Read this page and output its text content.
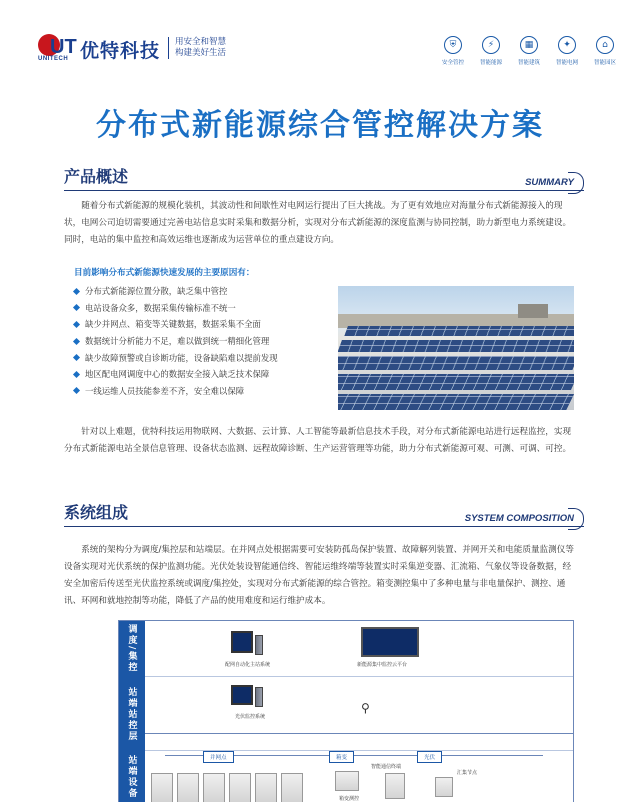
UT
UNITECH 优特科技 用安全和智慧
构建美好生活
⛨
安全管控
⚡
智能能源
▦
智能建筑
✦
智能电网
⌂
智能园区
分布式新能源综合管控解决方案
产品概述	SUMMARY
随着分布式新能源的规模化装机，其波动性和间歇性对电网运行提出了巨大挑战。为了更有效地应对海量分布式新能源接入的现状，电网公司迫切需要通过完善电站信息实时采集和数据分析，实现对分布式新能源的深度监测与协同控制，助力新型电力系统建设。同时，电站的集中监控和高效运维也逐渐成为运营单位的重点建设方向。
目前影响分布式新能源快速发展的主要原因有：
分布式新能源位置分散，缺乏集中管控
电站设备众多，数据采集传输标准不统一
缺少并网点、箱变等关键数据，数据采集不全面
数据统计分析能力不足，难以做到统一精细化管理
缺少故障预警或自诊断功能，设备缺陷难以提前发现
地区配电网调度中心的数据安全接入缺乏技术保障
一线运维人员技能参差不齐，安全难以保障
针对以上难题，优特科技运用物联网、大数据、云计算、人工智能等最新信息技术手段，对分布式新能源电站进行远程监控，实现分布式新能源电站全景信息管理、设备状态监测、远程故障诊断、生产运营管理等功能，助力分布式新能源可观、可测、可调、可控。
系统组成	SYSTEM COMPOSITION
系统的架构分为调度/集控层和站端层。在并网点处根据需要可安装防孤岛保护装置、故障解列装置、并网开关和电能质量监测仪等设备实现对光伏系统的保护监测功能。光伏处装设智能通信终、智能运维终端等装置实时采集逆变器、汇流箱、气象仪等设备数据，经安全加密后传送至光伏监控系统或调度/集控处，实现对分布式新能源的综合管控。箱变测控集中了多种电量与非电量保护、测控、通讯、环网和就地控制等功能，降低了产品的使用难度和运行维护成本。
调度/集控	配网自动化主站系统	新能源集中监控云平台
站端站控层	光伏监控系统
⚲
站端设备	并网点	箱变	光伏
箱变测控
智能通信终端
汇集节点
